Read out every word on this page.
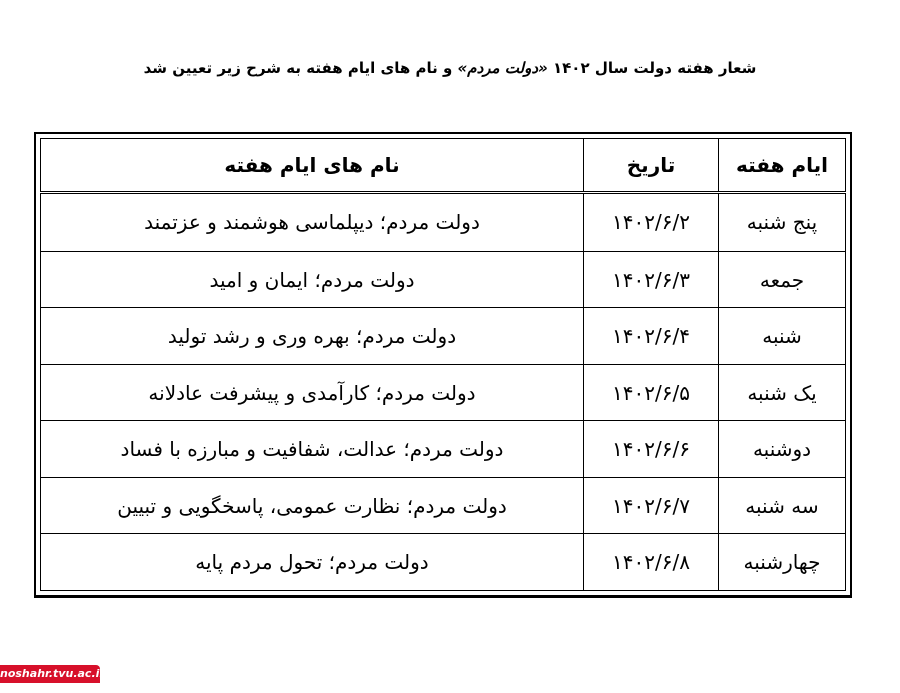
شعار هفته دولت سال ۱۴۰۲ «دولت مردم» و نام های ایام هفته به شرح زیر تعیین شد
ایام هفته	تاریخ	نام های ایام هفته
پنج شنبه	۱۴۰۲/۶/۲	دولت مردم؛ دیپلماسی هوشمند و عزتمند
جمعه	۱۴۰۲/۶/۳	دولت مردم؛ ایمان و امید
شنبه	۱۴۰۲/۶/۴	دولت مردم؛ بهره وری و رشد تولید
یک شنبه	۱۴۰۲/۶/۵	دولت مردم؛ کارآمدی و پیشرفت عادلانه
دوشنبه	۱۴۰۲/۶/۶	دولت مردم؛ عدالت، شفافیت و مبارزه با فساد
سه شنبه	۱۴۰۲/۶/۷	دولت مردم؛ نظارت عمومی، پاسخگویی و تبیین
چهارشنبه	۱۴۰۲/۶/۸	دولت مردم؛ تحول مردم پایه
noshahr.tvu.ac.ir
